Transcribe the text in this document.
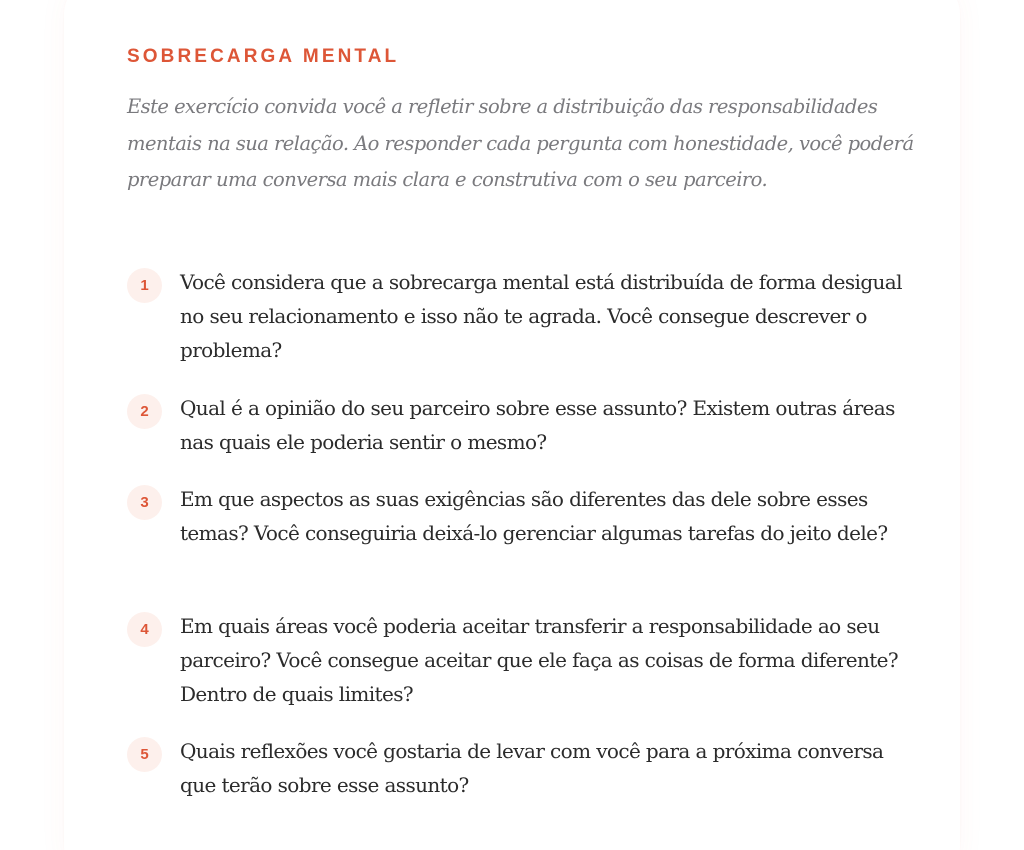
SOBRECARGA MENTAL

Este exercício convida você a refletir sobre a distribuição das responsabilidades mentais na sua relação. Ao responder cada pergunta com honestidade, você poderá preparar uma conversa mais clara e construtiva com o seu parceiro.

1	Você considera que a sobrecarga mental está distribuída de forma desigual no seu relacionamento e isso não te agrada. Você consegue descrever o problema?

2	Qual é a opinião do seu parceiro sobre esse assunto? Existem outras áreas nas quais ele poderia sentir o mesmo?

3	Em que aspectos as suas exigências são diferentes das dele sobre esses temas? Você conseguiria deixá-lo gerenciar algumas tarefas do jeito dele?

4	Em quais áreas você poderia aceitar transferir a responsabilidade ao seu parceiro? Você consegue aceitar que ele faça as coisas de forma diferente? Dentro de quais limites?

5	Quais reflexões você gostaria de levar com você para a próxima conversa que terão sobre esse assunto?
